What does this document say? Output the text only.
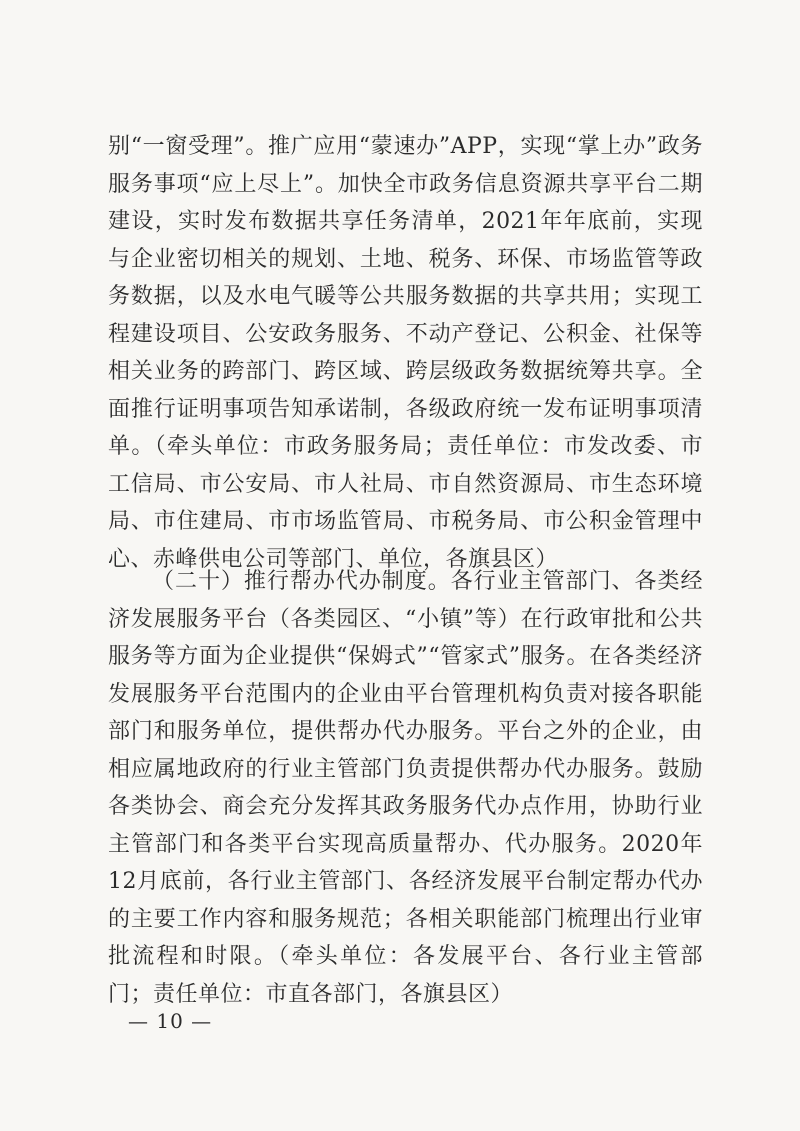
别“一窗受理”。推广应用“蒙速办”APP，实现“掌上办”政务服务事项“应上尽上”。加快全市政务信息资源共享平台二期建设，实时发布数据共享任务清单，2021年年底前，实现与企业密切相关的规划、土地、税务、环保、市场监管等政务数据，以及水电气暖等公共服务数据的共享共用；实现工程建设项目、公安政务服务、不动产登记、公积金、社保等相关业务的跨部门、跨区域、跨层级政务数据统筹共享。全面推行证明事项告知承诺制，各级政府统一发布证明事项清单。（牵头单位：市政务服务局；责任单位：市发改委、市工信局、市公安局、市人社局、市自然资源局、市生态环境局、市住建局、市市场监管局、市税务局、市公积金管理中心、赤峰供电公司等部门、单位，各旗县区）

（二十）推行帮办代办制度。各行业主管部门、各类经济发展服务平台（各类园区、“小镇”等）在行政审批和公共服务等方面为企业提供“保姆式”“管家式”服务。在各类经济发展服务平台范围内的企业由平台管理机构负责对接各职能部门和服务单位，提供帮办代办服务。平台之外的企业，由相应属地政府的行业主管部门负责提供帮办代办服务。鼓励各类协会、商会充分发挥其政务服务代办点作用，协助行业主管部门和各类平台实现高质量帮办、代办服务。2020年12月底前，各行业主管部门、各经济发展平台制定帮办代办的主要工作内容和服务规范；各相关职能部门梳理出行业审批流程和时限。（牵头单位：各发展平台、各行业主管部门；责任单位：市直各部门，各旗县区）

— 10 —
